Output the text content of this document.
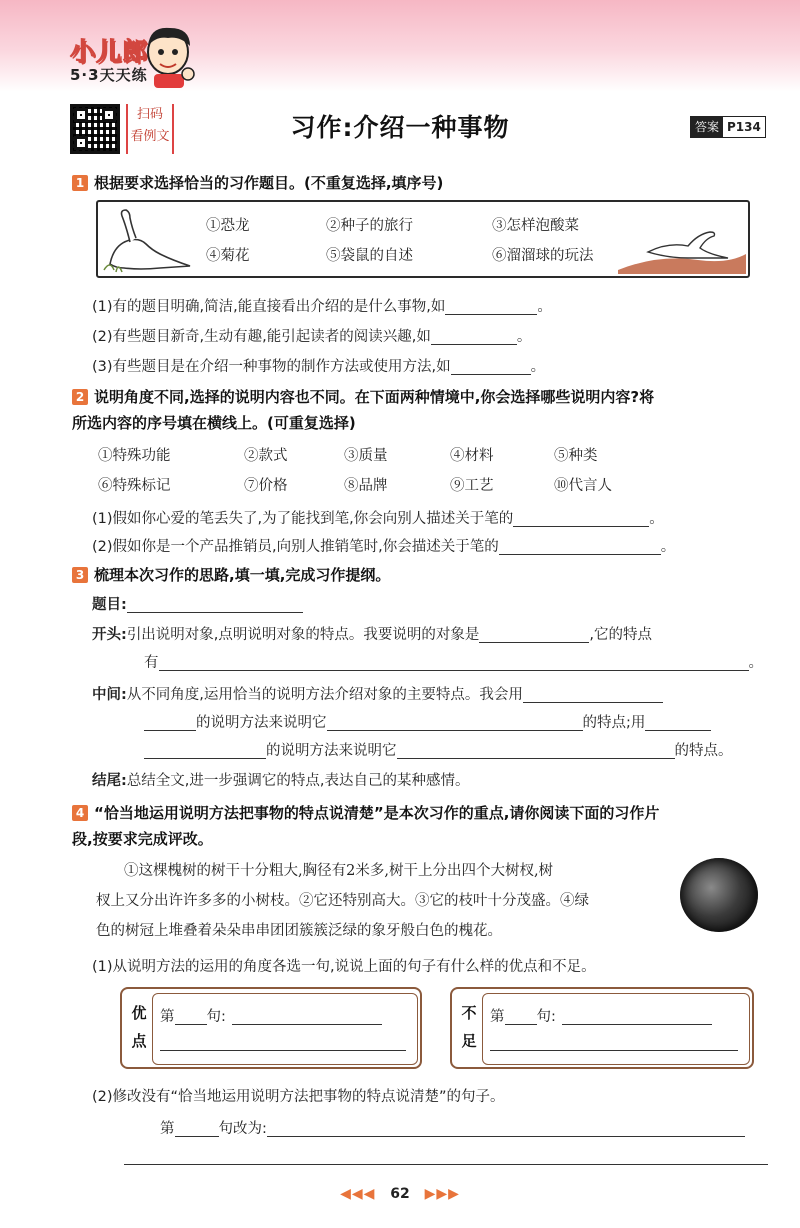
小儿郎
5·3天天练
扫码
看例文	习作:介绍一种事物	答案 P134
1 根据要求选择恰当的习作题目。(不重复选择,填序号)
①恐龙	②种子的旅行	③怎样泡酸菜
④菊花	⑤袋鼠的自述	⑥溜溜球的玩法
(1)有的题目明确,简洁,能直接看出介绍的是什么事物,如	。
(2)有些题目新奇,生动有趣,能引起读者的阅读兴趣,如	。
(3)有些题目是在介绍一种事物的制作方法或使用方法,如	。
2 说明角度不同,选择的说明内容也不同。在下面两种情境中,你会选择哪些说明内容?将
所选内容的序号填在横线上。(可重复选择)
①特殊功能	②款式	③质量	④材料	⑤种类
⑥特殊标记	⑦价格	⑧品牌	⑨工艺	⑩代言人
(1)假如你心爱的笔丢失了,为了能找到笔,你会向别人描述关于笔的	。
(2)假如你是一个产品推销员,向别人推销笔时,你会描述关于笔的	。
3 梳理本次习作的思路,填一填,完成习作提纲。
题目:
开头:引出说明对象,点明说明对象的特点。我要说明的对象是	,它的特点
有	。
中间:从不同角度,运用恰当的说明方法介绍对象的主要特点。我会用
的说明方法来说明它	的特点;用
的说明方法来说明它	的特点。
结尾:总结全文,进一步强调它的特点,表达自己的某种感情。
4 “恰当地运用说明方法把事物的特点说清楚”是本次习作的重点,请你阅读下面的习作片
段,按要求完成评改。
①这棵槐树的树干十分粗大,胸径有2米多,树干上分出四个大树杈,树
杈上又分出许许多多的小树枝。②它还特别高大。③它的枝叶十分茂盛。④绿
色的树冠上堆叠着朵朵串串团团簇簇泛绿的象牙般白色的槐花。
(1)从说明方法的运用的角度各选一句,说说上面的句子有什么样的优点和不足。
优
点
第 句:	不
足
第 句:
(2)修改没有“恰当地运用说明方法把事物的特点说清楚”的句子。
第	句改为:
◀◀◀ 62 ▶▶▶
